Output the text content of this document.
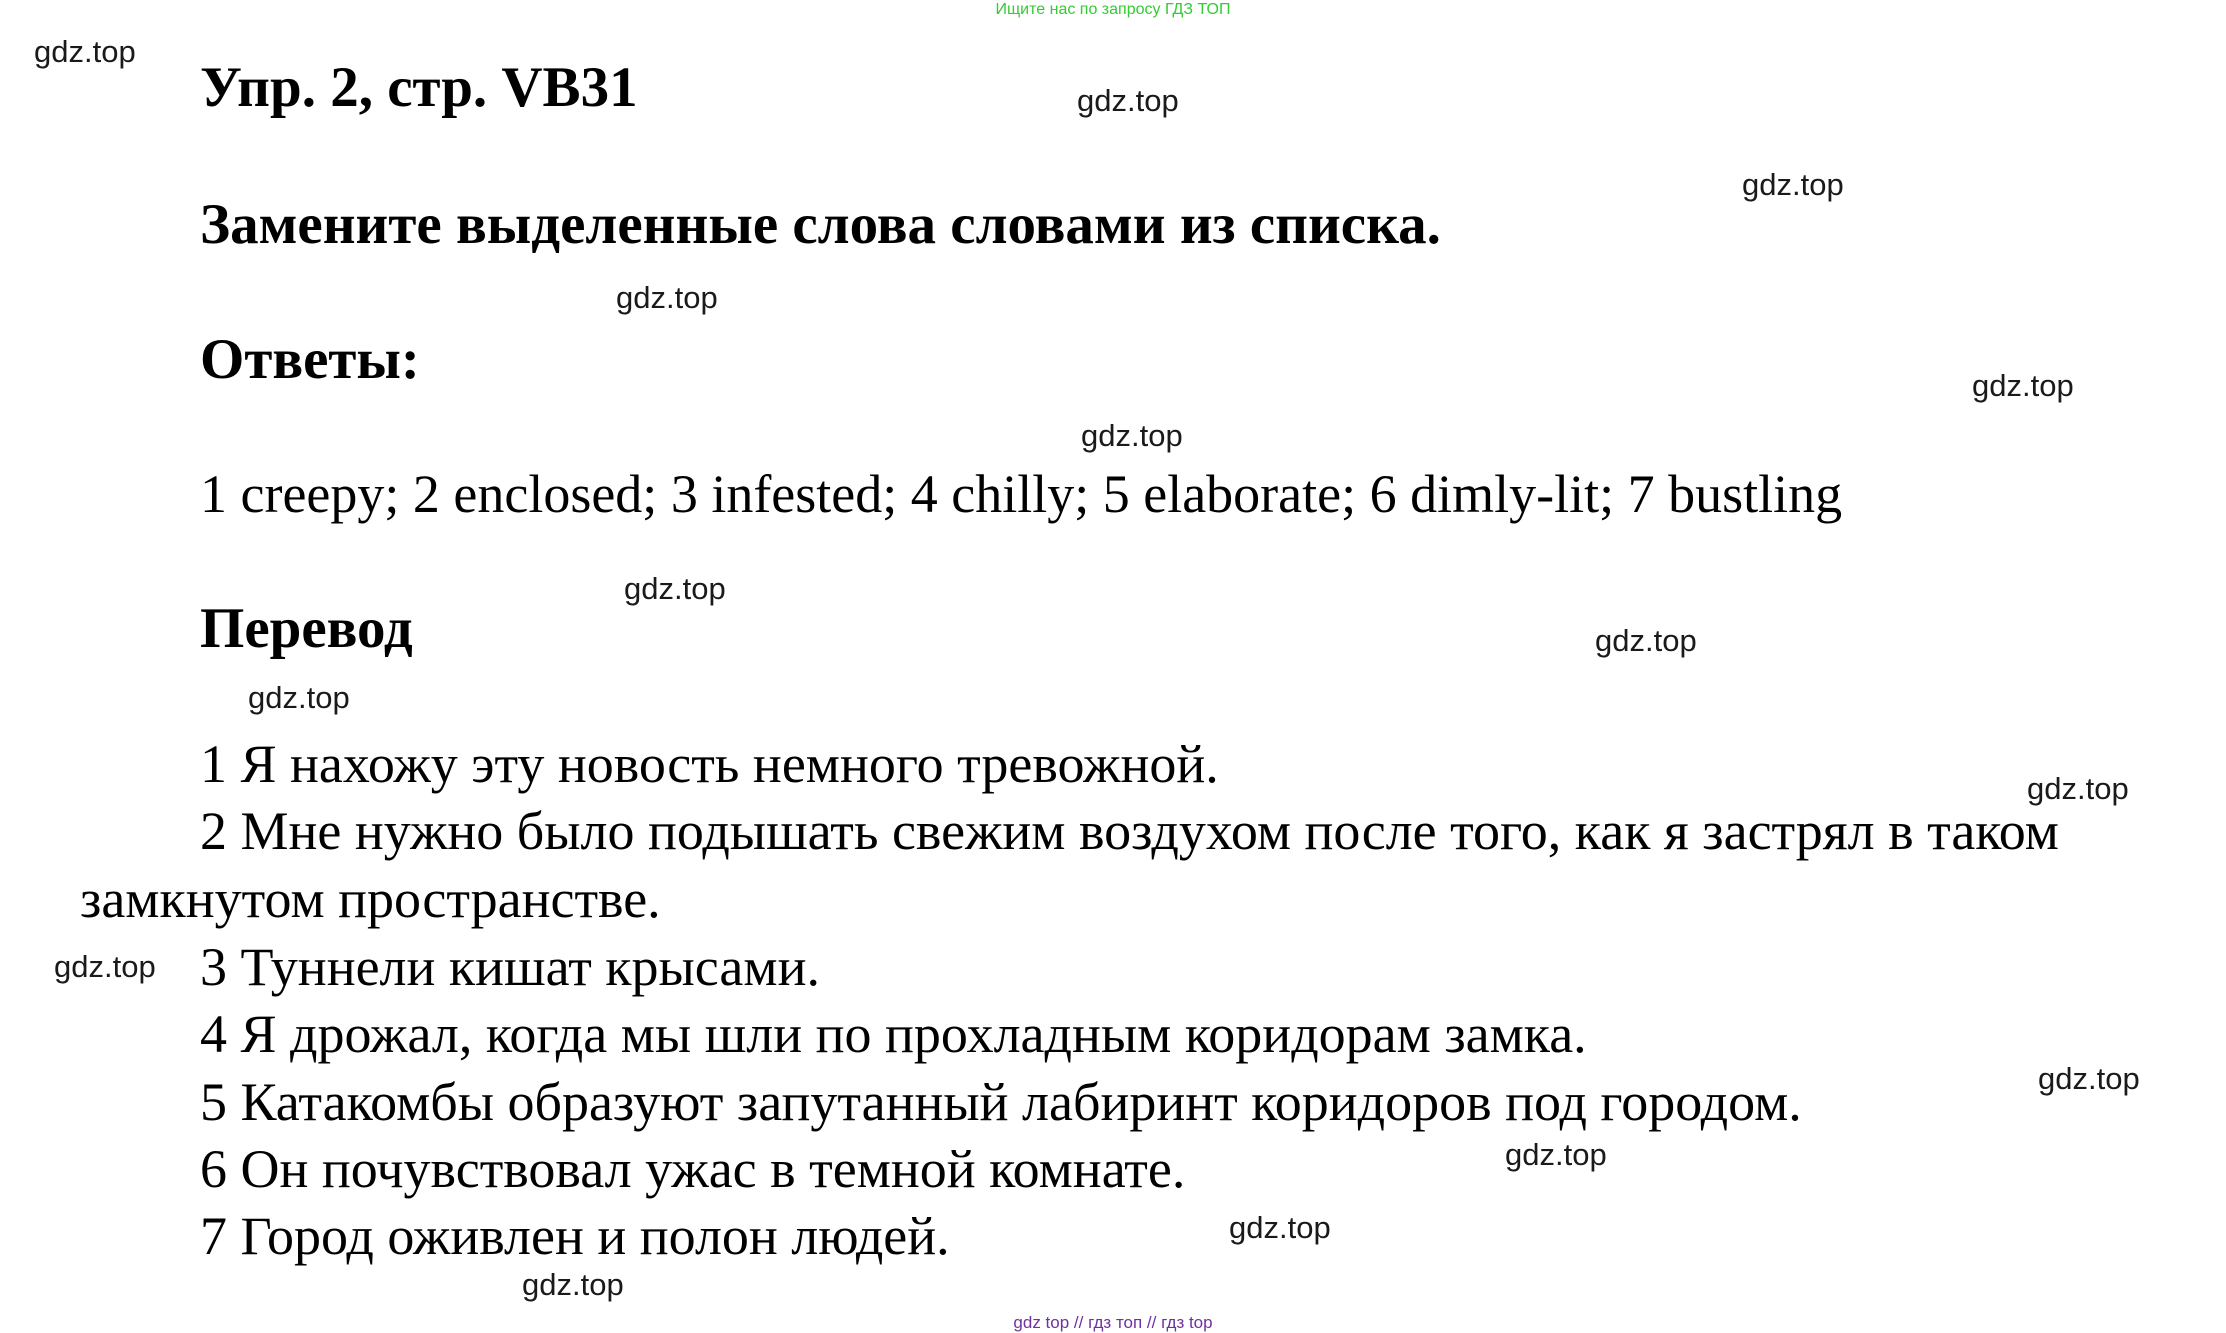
Ищите нас по запросу ГДЗ ТОП
Упр. 2, стр. VB31
Замените выделенные слова словами из списка.
Ответы:
1 creepy; 2 enclosed; 3 infested; 4 chilly; 5 elaborate; 6 dimly-lit; 7 bustling
Перевод
1 Я нахожу эту новость немного тревожной.
2 Мне нужно было подышать свежим воздухом после того, как я застрял в таком
замкнутом пространстве.
3 Туннели кишат крысами.
4 Я дрожал, когда мы шли по прохладным коридорам замка.
5 Катакомбы образуют запутанный лабиринт коридоров под городом.
6 Он почувствовал ужас в темной комнате.
7 Город оживлен и полон людей.
gdz.top
gdz.top
gdz.top
gdz.top
gdz.top
gdz.top
gdz.top
gdz.top
gdz.top
gdz.top
gdz.top
gdz.top
gdz.top
gdz.top
gdz.top
gdz top // гдз топ // гдз top
